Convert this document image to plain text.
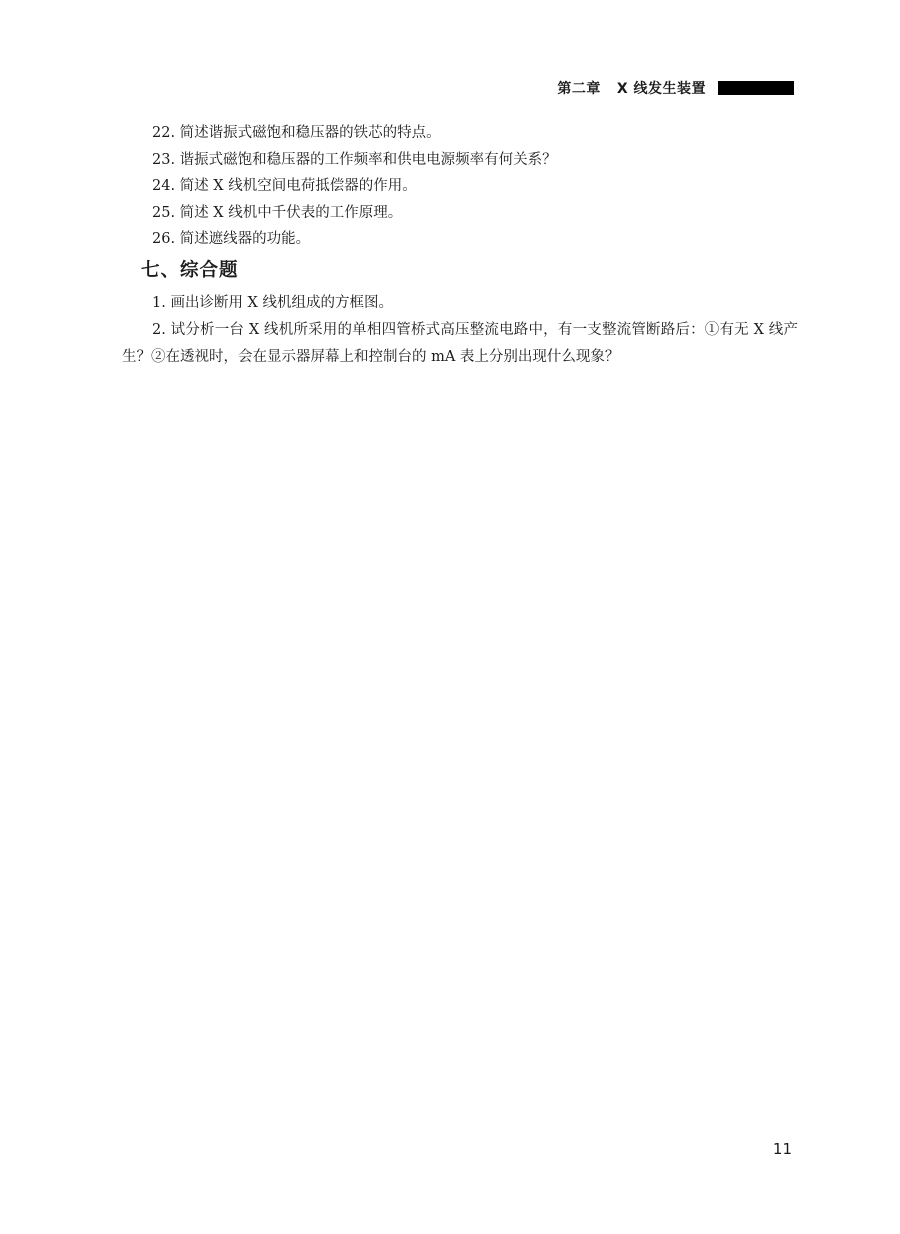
第二章 X 线发生装置
22. 简述谐振式磁饱和稳压器的铁芯的特点。
23. 谐振式磁饱和稳压器的工作频率和供电电源频率有何关系？
24. 简述 X 线机空间电荷抵偿器的作用。
25. 简述 X 线机中千伏表的工作原理。
26. 简述遮线器的功能。
七、综合题
1. 画出诊断用 X 线机组成的方框图。
2. 试分析一台 X 线机所采用的单相四管桥式高压整流电路中，有一支整流管断路后：①有无 X 线产生？②在透视时，会在显示器屏幕上和控制台的 mA 表上分别出现什么现象？
11
